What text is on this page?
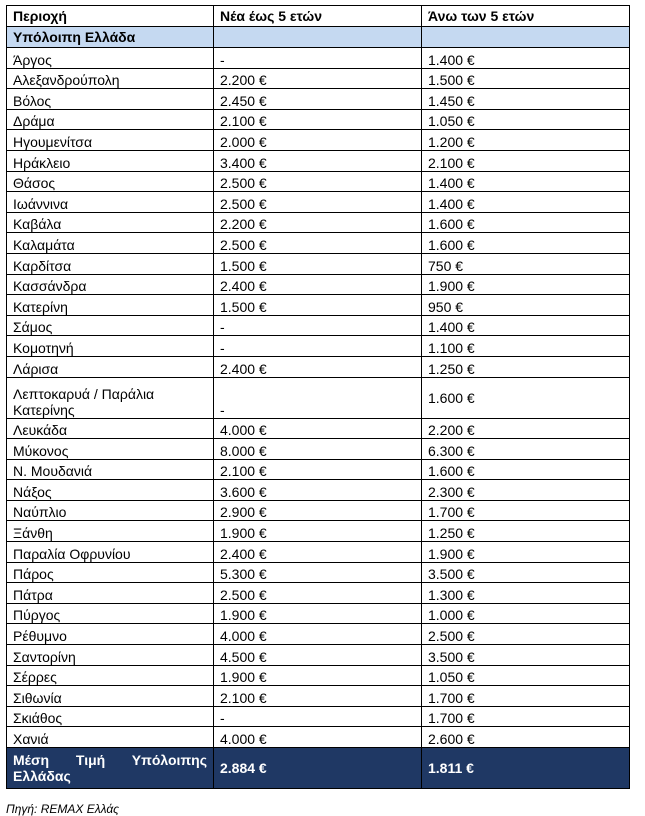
Περιοχή	Νέα έως 5 ετών	Άνω των 5 ετών
Υπόλοιπη Ελλάδα		
Άργος	-	1.400 €
Αλεξανδρούπολη	2.200 €	1.500 €
Βόλος	2.450 €	1.450 €
Δράμα	2.100 €	1.050 €
Ηγουμενίτσα	2.000 €	1.200 €
Ηράκλειο	3.400 €	2.100 €
Θάσος	2.500 €	1.400 €
Ιωάννινα	2.500 €	1.400 €
Καβάλα	2.200 €	1.600 €
Καλαμάτα	2.500 €	1.600 €
Καρδίτσα	1.500 €	750 €
Κασσάνδρα	2.400 €	1.900 €
Κατερίνη	1.500 €	950 €
Σάμος	-	1.400 €
Κομοτηνή	-	1.100 €
Λάρισα	2.400 €	1.250 €
Λεπτοκαρυά / Παράλια Κατερίνης	-	1.600 €
Λευκάδα	4.000 €	2.200 €
Μύκονος	8.000 €	6.300 €
Ν. Μουδανιά	2.100 €	1.600 €
Νάξος	3.600 €	2.300 €
Ναύπλιο	2.900 €	1.700 €
Ξάνθη	1.900 €	1.250 €
Παραλία Οφρυνίου	2.400 €	1.900 €
Πάρος	5.300 €	3.500 €
Πάτρα	2.500 €	1.300 €
Πύργος	1.900 €	1.000 €
Ρέθυμνο	4.000 €	2.500 €
Σαντορίνη	4.500 €	3.500 €
Σέρρες	1.900 €	1.050 €
Σιθωνία	2.100 €	1.700 €
Σκιάθος	-	1.700 €
Χανιά	4.000 €	2.600 €
Μέση Τιμή Υπόλοιπης Ελλάδας	2.884 €	1.811 €
Πηγή: REMAX Ελλάς
